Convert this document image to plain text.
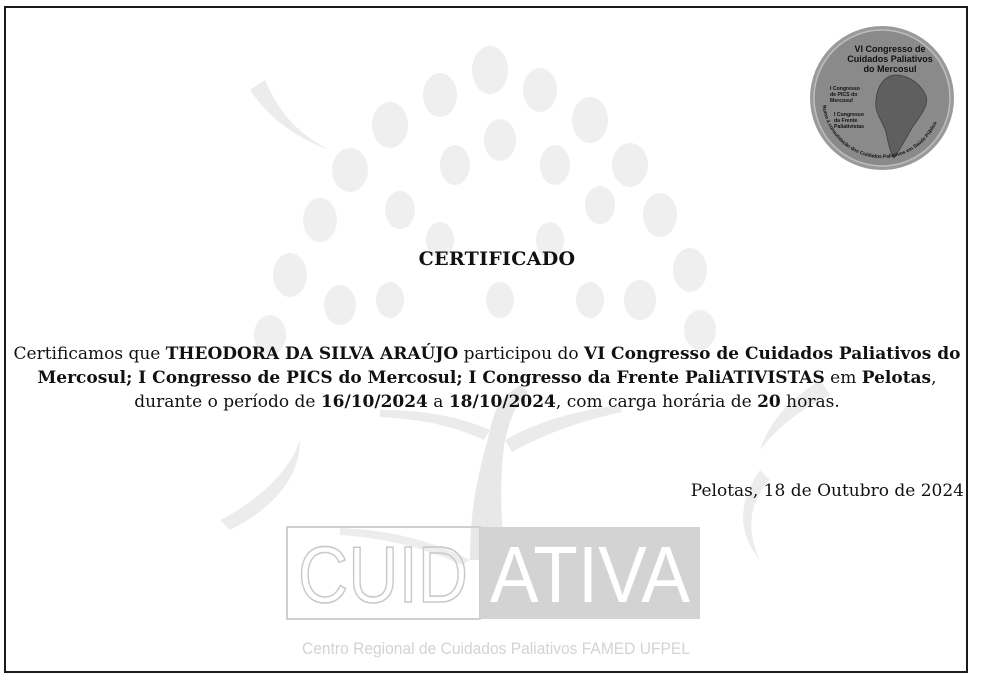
CUID ATIVA
Centro Regional de Cuidados Paliativos FAMED UFPEL
VI Congresso de
Cuidados Paliativos
do Mercosul
I Congresso
de PICS do
Mercosul
I Congresso
da Frente
Paliativistas
Rumo à consolidação dos Cuidados Paliativos em Saúde Pública
CERTIFICADO
Certificamos que THEODORA DA SILVA ARAÚJO participou do VI Congresso de Cuidados Paliativos do Mercosul; I Congresso de PICS do Mercosul; I Congresso da Frente PaliATIVISTAS em Pelotas, durante o período de 16/10/2024 a 18/10/2024, com carga horária de 20 horas.
Pelotas, 18 de Outubro de 2024
